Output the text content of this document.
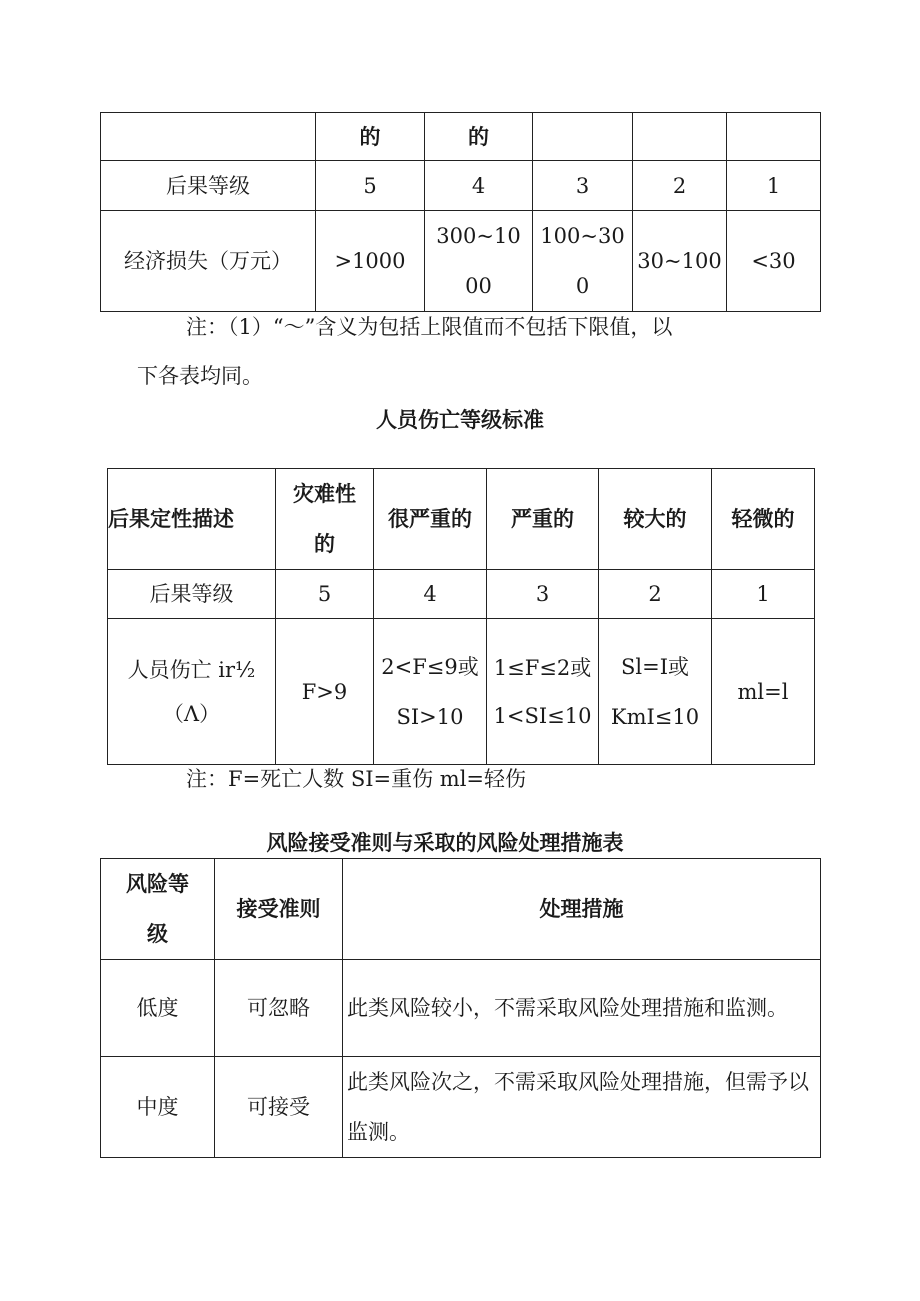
	的	的			
后果等级	5	4	3	2	1
经济损失（万元）	>1000	300~1000	100~300	30~100	<30
注：（1）“～”含义为包括上限值而不包括下限值，以
下各表均同。
人员伤亡等级标准
后果定性描述	灾难性的	很严重的	严重的	较大的	轻微的
后果等级	5	4	3	2	1

人员伤亡 ir½
（Λ）	F>9	2<F≤9或SI>10	1≤F≤2或1<SI≤10	Sl=I或KmI≤10	ml=l
注：F=死亡人数 SI=重伤 ml=轻伤
风险接受准则与采取的风险处理措施表
风险等级	接受准则	处理措施
低度	可忽略	此类风险较小，不需采取风险处理措施和监测。
中度	可接受	此类风险次之，不需采取风险处理措施，但需予以监测。
